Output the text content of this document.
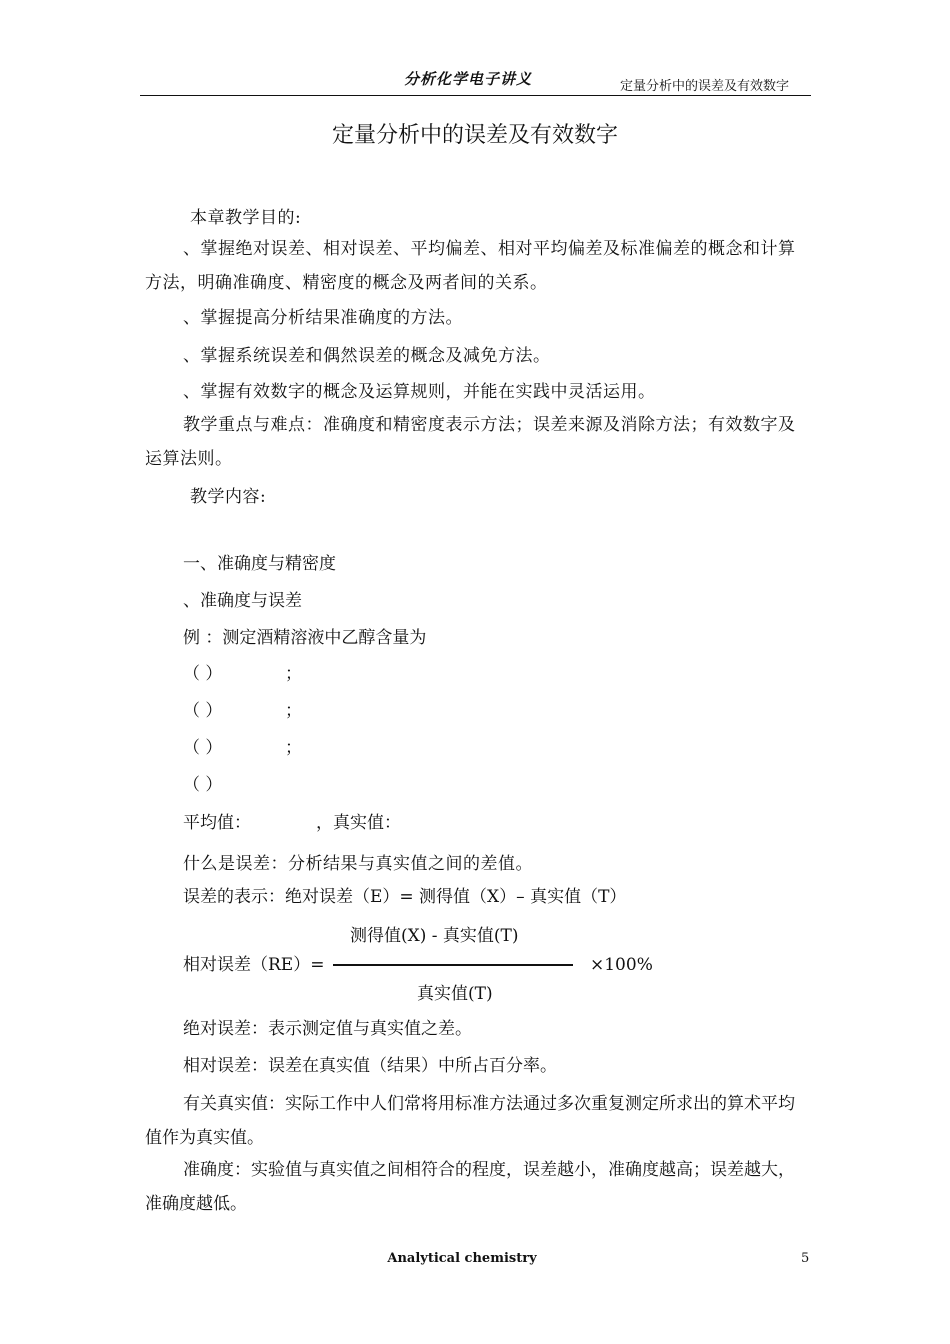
分析化学电子讲义	定量分析中的误差及有效数字
定量分析中的误差及有效数字
本章教学目的:
、掌握绝对误差、相对误差、平均偏差、相对平均偏差及标准偏差的概念和计算方法，明确准确度、精密度的概念及两者间的关系。
、掌握提高分析结果准确度的方法。
、掌握系统误差和偶然误差的概念及减免方法。
、掌握有效数字的概念及运算规则，并能在实践中灵活运用。
教学重点与难点：准确度和精密度表示方法；误差来源及消除方法；有效数字及运算法则。
教学内容:
一、准确度与精密度
、准确度与误差
例 ：测定酒精溶液中乙醇含量为
（ ）	；
（ ）	；
（ ）	；
（ ）
平均值：	，真实值：
什么是误差：分析结果与真实值之间的差值。
误差的表示：绝对误差（E）= 测得值（X）– 真实值（T）
测得值(X) - 真实值(T)
相对误差（RE）=	×100%
真实值(T)
绝对误差：表示测定值与真实值之差。
相对误差：误差在真实值（结果）中所占百分率。
有关真实值：实际工作中人们常将用标准方法通过多次重复测定所求出的算术平均值作为真实值。
准确度：实验值与真实值之间相符合的程度，误差越小，准确度越高；误差越大，准确度越低。
Analytical chemistry	5
